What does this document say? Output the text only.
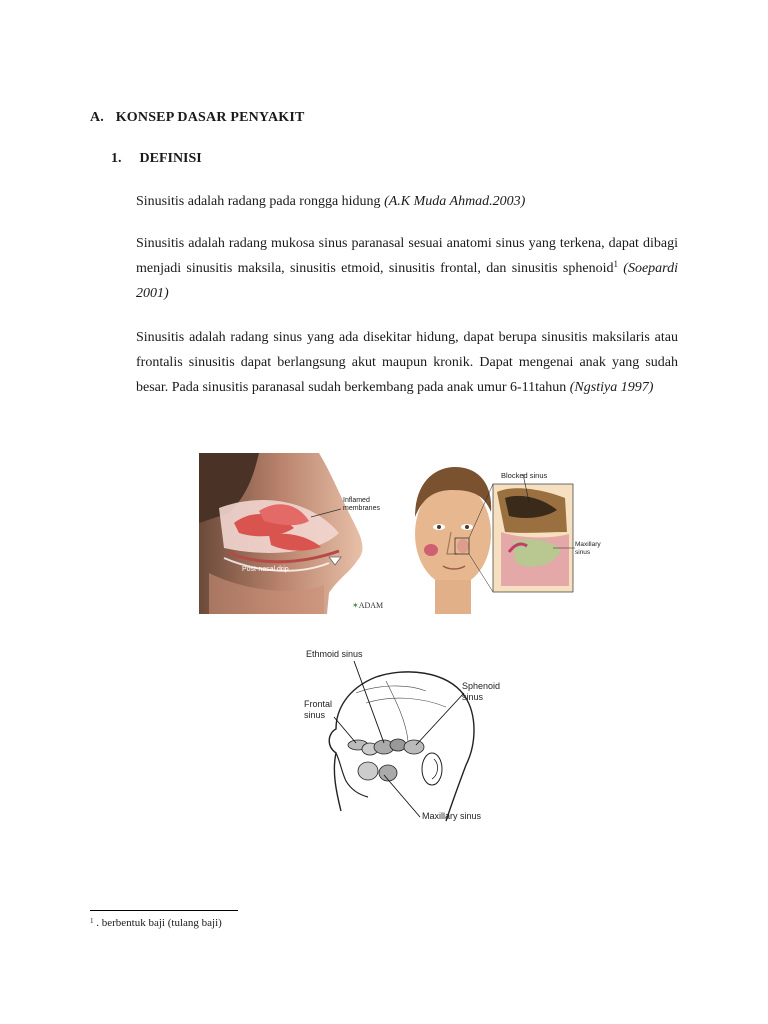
A. KONSEP DASAR PENYAKIT
1. DEFINISI

Sinusitis adalah radang pada rongga hidung (A.K Muda Ahmad.2003)

Sinusitis adalah radang mukosa sinus paranasal sesuai anatomi sinus yang terkena, dapat dibagi menjadi sinusitis maksila, sinusitis etmoid, sinusitis frontal, dan sinusitis sphenoid$^1$ (Soepardi 2001)

Sinusitis adalah radang sinus yang ada disekitar hidung, dapat berupa sinusitis maksilaris atau frontalis sinusitis dapat berlangsung akut maupun kronik. Dapat mengenai anak yang sudah besar. Pada sinusitis paranasal sudah berkembang pada anak umur 6-11tahun (Ngstiya 1997)

Inflamed
membranes
Post-nasal drip
✶ADAM
Blocked sinus
Maxillary
sinus
Ethmoid sinus
Sphenoid
sinus
Frontal
sinus
Maxillary sinus
$^1$ . berbentuk baji (tulang baji)
